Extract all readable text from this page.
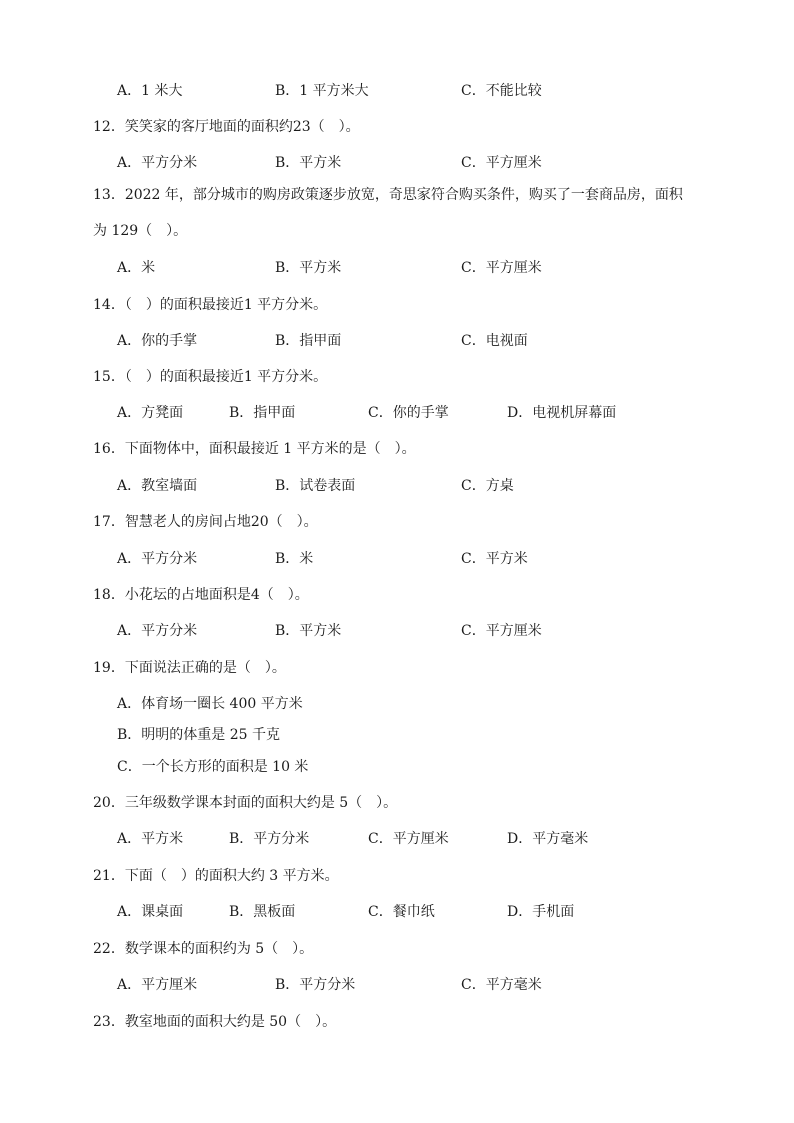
A．1 米大	B．1 平方米大	C．不能比较
12．笑笑家的客厅地面的面积约23（　）。
A．平方分米	B．平方米	C．平方厘米
13．2022 年，部分城市的购房政策逐步放宽，奇思家符合购买条件，购买了一套商品房，面积
为 129（　）。
A．米	B．平方米	C．平方厘米
14．（　）的面积最接近1 平方分米。
A．你的手掌	B．指甲面	C．电视面
15．（　）的面积最接近1 平方分米。
A．方凳面	B．指甲面	C．你的手掌	D．电视机屏幕面
16．下面物体中，面积最接近 1 平方米的是（　）。
A．教室墙面	B．试卷表面	C．方桌
17．智慧老人的房间占地20（　）。
A．平方分米	B．米	C．平方米
18．小花坛的占地面积是4（　）。
A．平方分米	B．平方米	C．平方厘米
19．下面说法正确的是（　）。
A．体育场一圈长 400 平方米
B．明明的体重是 25 千克
C．一个长方形的面积是 10 米
20．三年级数学课本封面的面积大约是 5（　）。
A．平方米	B．平方分米	C．平方厘米	D．平方毫米
21．下面（　）的面积大约 3 平方米。
A．课桌面	B．黑板面	C．餐巾纸	D．手机面
22．数学课本的面积约为 5（　）。
A．平方厘米	B．平方分米	C．平方毫米
23．教室地面的面积大约是 50（　）。
